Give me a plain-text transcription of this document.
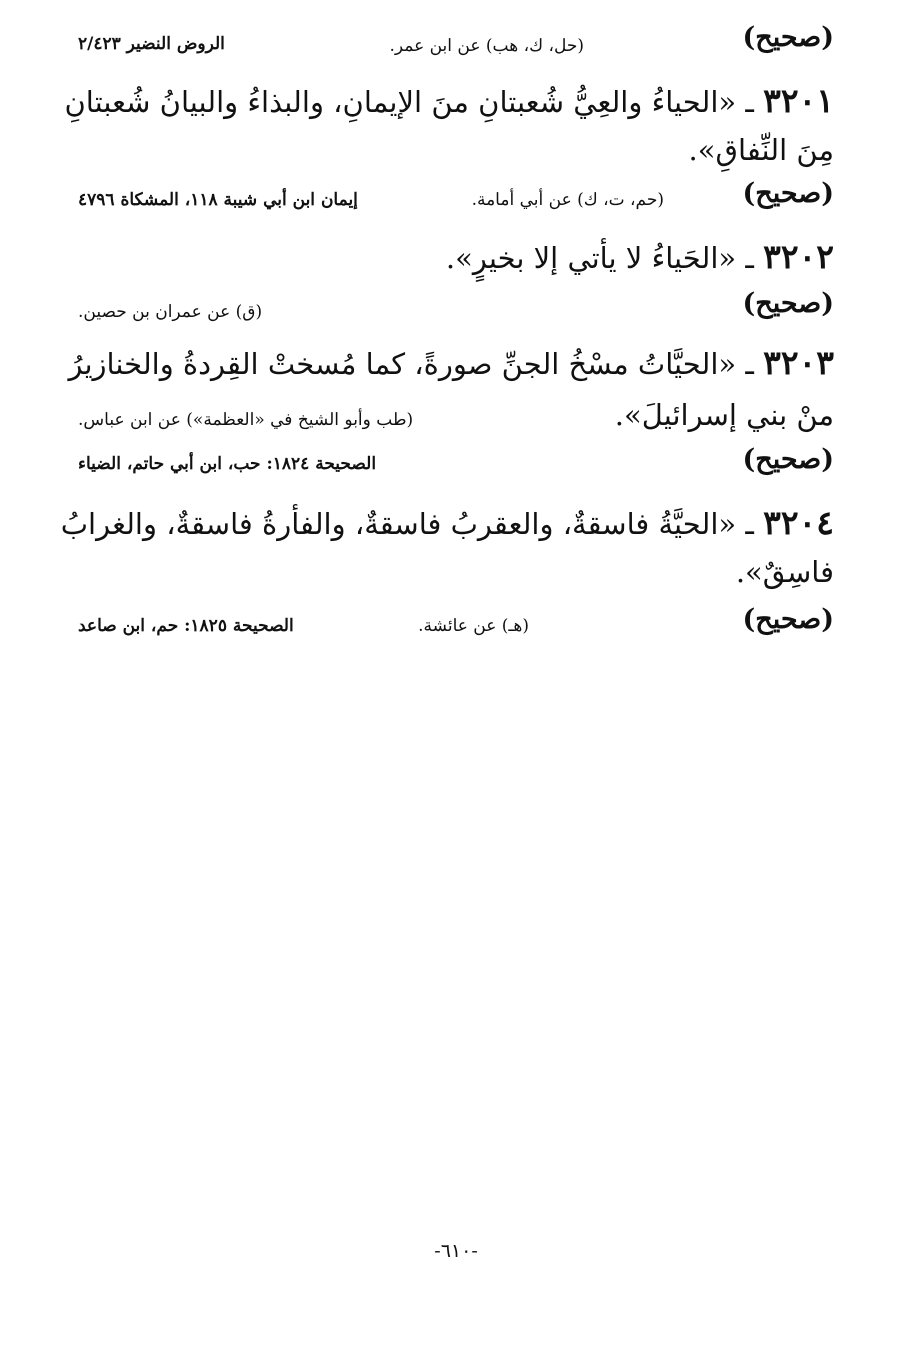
(صحيح)
(حل، ك، هب) عن ابن عمر.
الروض النضير ٢/٤٢٣
٣٢٠١ ـ «الحياءُ والعِيُّ شُعبتانِ منَ الإيمانِ، والبذاءُ والبيانُ شُعبتانِ
مِنَ النِّفاقِ».
(صحيح)
(حم، ت، ك) عن أبي أمامة.
إيمان ابن أبي شيبة ١١٨، المشكاة ٤٧٩٦
٣٢٠٢ ـ «الحَياءُ لا يأتي إلا بخيرٍ».
(صحيح)
(ق) عن عمران بن حصين.
٣٢٠٣ ـ «الحيَّاتُ مسْخُ الجنِّ صورةً، كما مُسختْ القِردةُ والخنازيرُ
منْ بني إسرائيلَ».
(طب وأبو الشيخ في «العظمة») عن ابن عباس.
(صحيح)
الصحيحة ١٨٢٤: حب، ابن أبي حاتم، الضياء
٣٢٠٤ ـ «الحيَّةُ فاسقةٌ، والعقربُ فاسقةٌ، والفأرةُ فاسقةٌ، والغرابُ
فاسِقٌ».
(صحيح)
(هـ) عن عائشة.
الصحيحة ١٨٢٥: حم، ابن صاعد
-٦١٠-
